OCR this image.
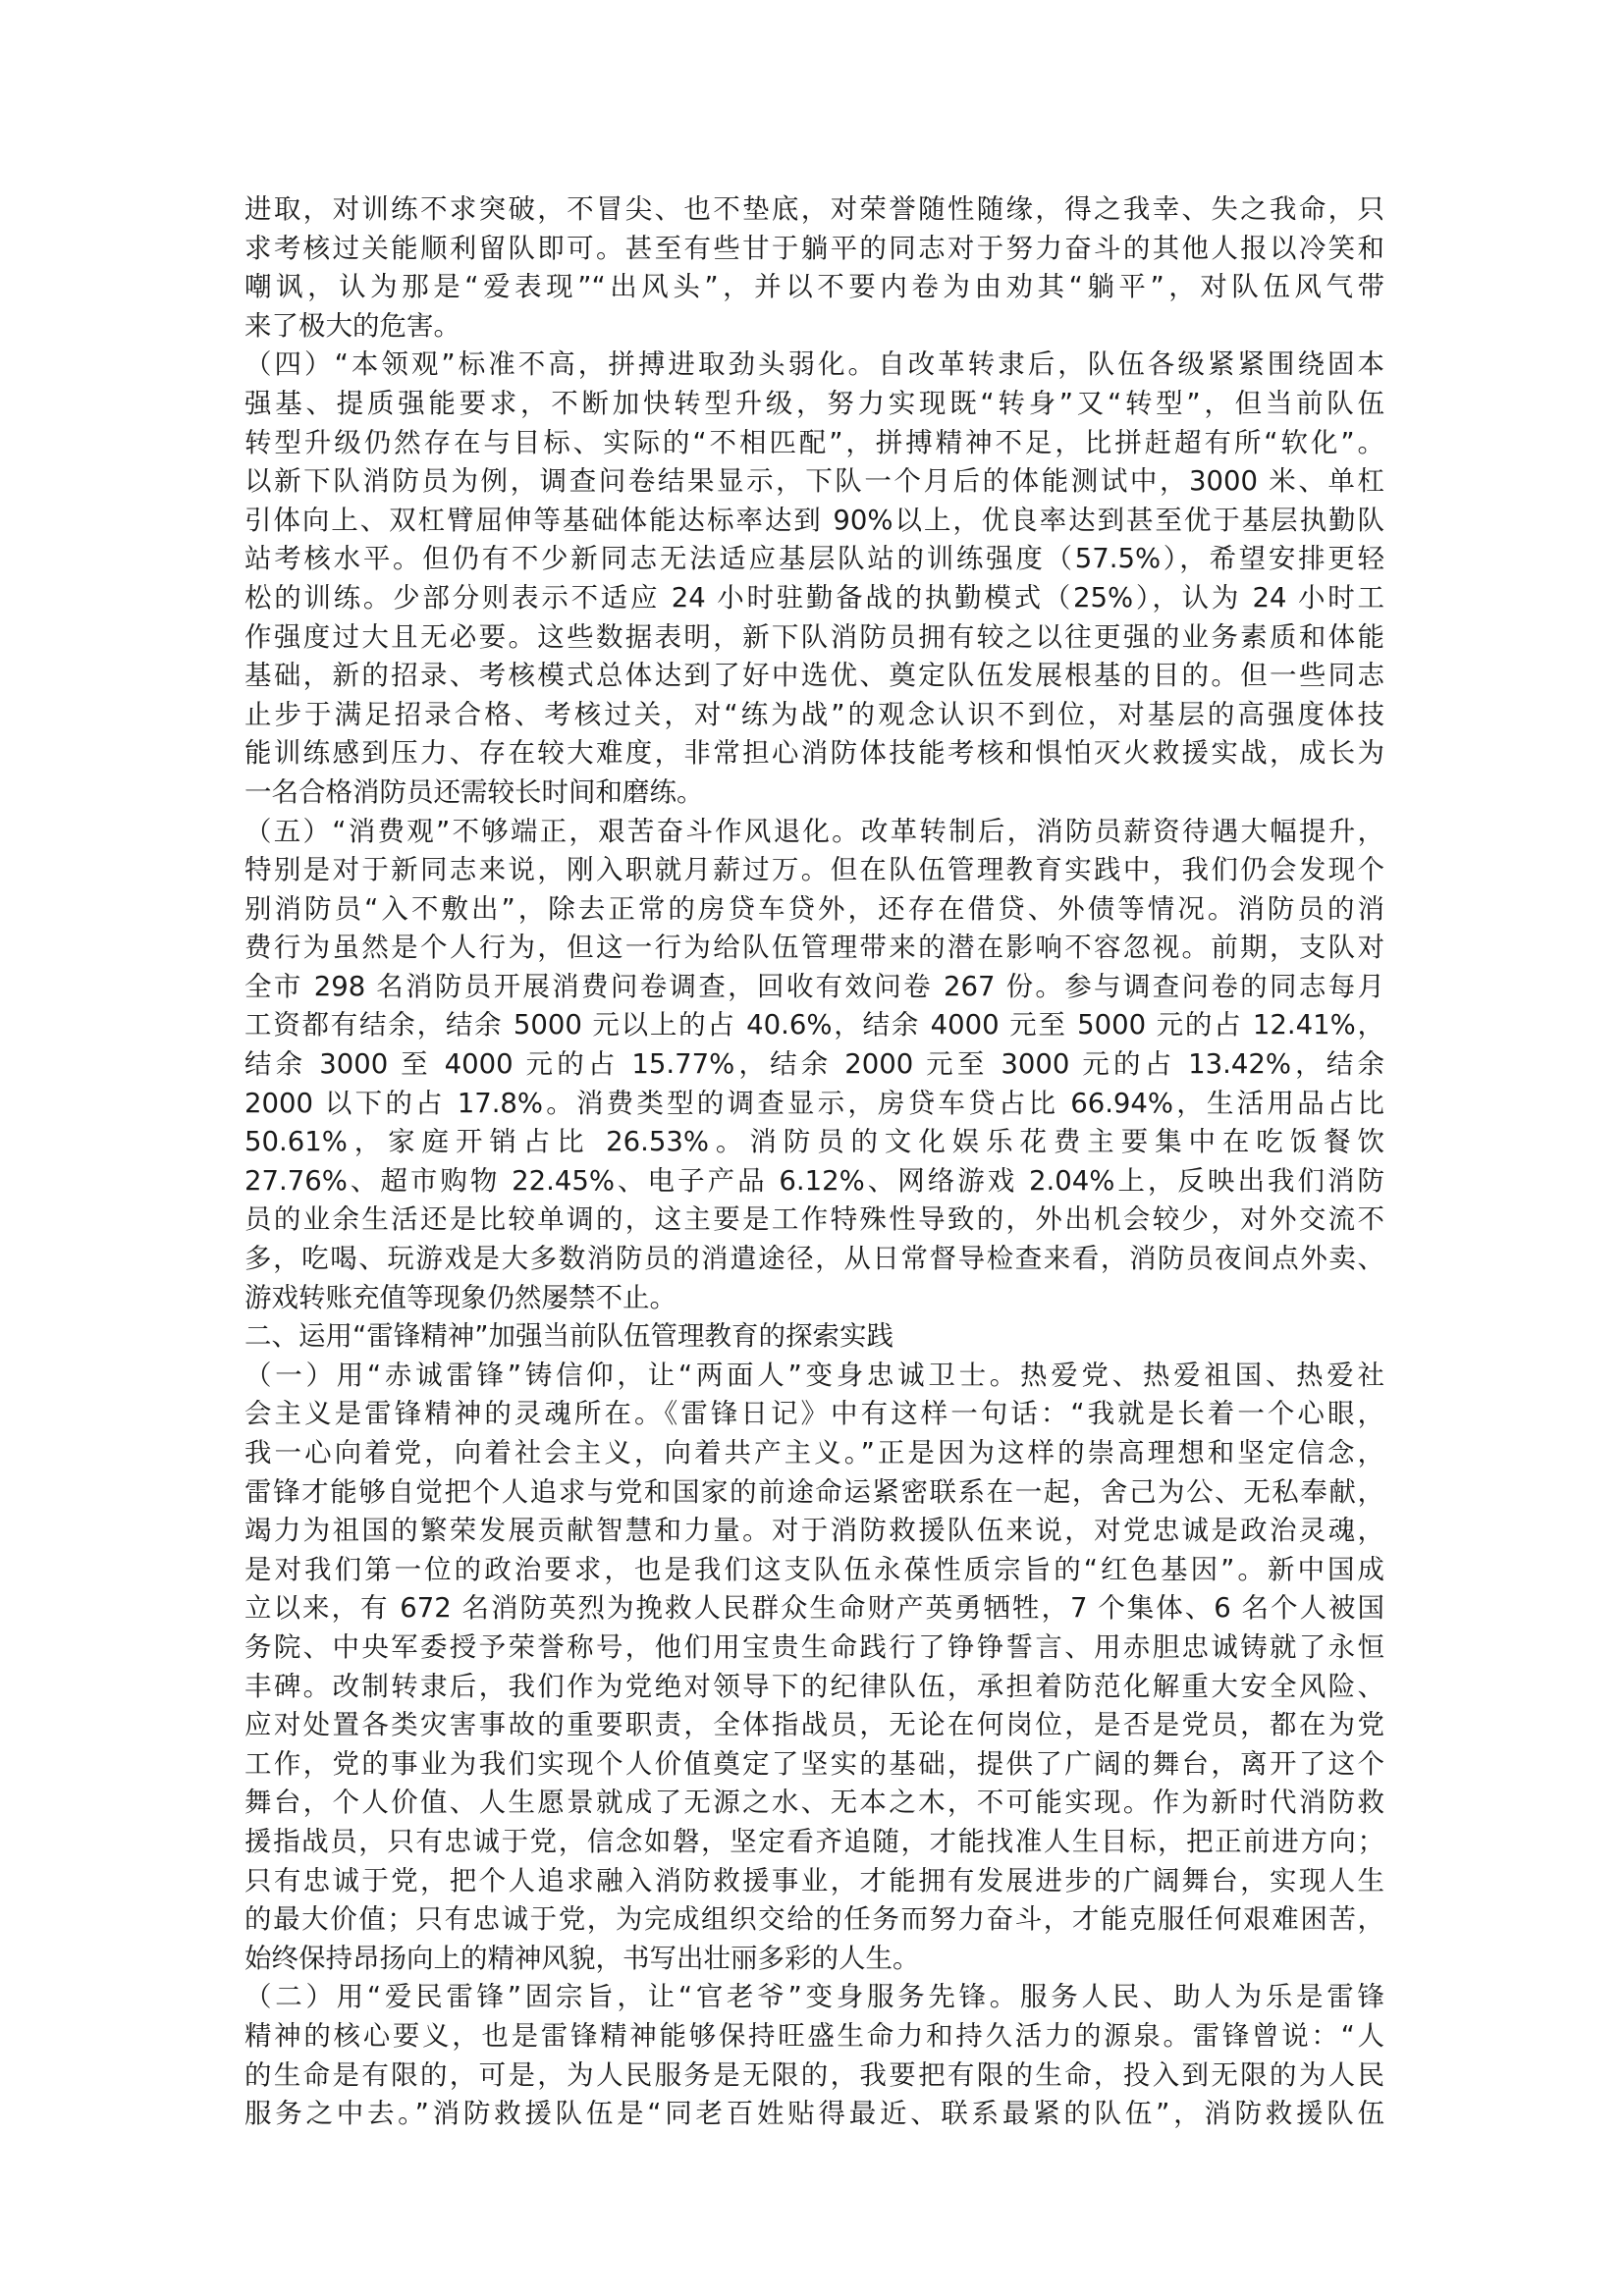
进取，对训练不求突破，不冒尖、也不垫底，对荣誉随性随缘，得之我幸、失之我命，只
求考核过关能顺利留队即可。甚至有些甘于躺平的同志对于努力奋斗的其他人报以冷笑和
嘲讽，认为那是“爱表现”“出风头”，并以不要内卷为由劝其“躺平”，对队伍风气带
来了极大的危害。
（四）“本领观”标准不高，拼搏进取劲头弱化。自改革转隶后，队伍各级紧紧围绕固本
强基、提质强能要求，不断加快转型升级，努力实现既“转身”又“转型”，但当前队伍
转型升级仍然存在与目标、实际的“不相匹配”，拼搏精神不足，比拼赶超有所“软化”。
以新下队消防员为例，调查问卷结果显示，下队一个月后的体能测试中，3000 米、单杠
引体向上、双杠臂屈伸等基础体能达标率达到 90%以上，优良率达到甚至优于基层执勤队
站考核水平。但仍有不少新同志无法适应基层队站的训练强度（57.5%），希望安排更轻
松的训练。少部分则表示不适应 24 小时驻勤备战的执勤模式（25%），认为 24 小时工
作强度过大且无必要。这些数据表明，新下队消防员拥有较之以往更强的业务素质和体能
基础，新的招录、考核模式总体达到了好中选优、奠定队伍发展根基的目的。但一些同志
止步于满足招录合格、考核过关，对“练为战”的观念认识不到位，对基层的高强度体技
能训练感到压力、存在较大难度，非常担心消防体技能考核和惧怕灭火救援实战，成长为
一名合格消防员还需较长时间和磨练。
（五）“消费观”不够端正，艰苦奋斗作风退化。改革转制后，消防员薪资待遇大幅提升，
特别是对于新同志来说，刚入职就月薪过万。但在队伍管理教育实践中，我们仍会发现个
别消防员“入不敷出”，除去正常的房贷车贷外，还存在借贷、外债等情况。消防员的消
费行为虽然是个人行为，但这一行为给队伍管理带来的潜在影响不容忽视。前期，支队对
全市 298 名消防员开展消费问卷调查，回收有效问卷 267 份。参与调查问卷的同志每月
工资都有结余，结余 5000 元以上的占 40.6%，结余 4000 元至 5000 元的占 12.41%，
结余 3000 至 4000 元的占 15.77%，结余 2000 元至 3000 元的占 13.42%，结余
2000 以下的占 17.8%。消费类型的调查显示，房贷车贷占比 66.94%，生活用品占比
50.61%，家庭开销占比 26.53%。消防员的文化娱乐花费主要集中在吃饭餐饮
27.76%、超市购物 22.45%、电子产品 6.12%、网络游戏 2.04%上，反映出我们消防
员的业余生活还是比较单调的，这主要是工作特殊性导致的，外出机会较少，对外交流不
多，吃喝、玩游戏是大多数消防员的消遣途径，从日常督导检查来看，消防员夜间点外卖、
游戏转账充值等现象仍然屡禁不止。
二、运用“雷锋精神”加强当前队伍管理教育的探索实践
（一）用“赤诚雷锋”铸信仰，让“两面人”变身忠诚卫士。热爱党、热爱祖国、热爱社
会主义是雷锋精神的灵魂所在。《雷锋日记》中有这样一句话：“我就是长着一个心眼，
我一心向着党，向着社会主义，向着共产主义。”正是因为这样的崇高理想和坚定信念，
雷锋才能够自觉把个人追求与党和国家的前途命运紧密联系在一起，舍己为公、无私奉献，
竭力为祖国的繁荣发展贡献智慧和力量。对于消防救援队伍来说，对党忠诚是政治灵魂，
是对我们第一位的政治要求，也是我们这支队伍永葆性质宗旨的“红色基因”。新中国成
立以来，有 672 名消防英烈为挽救人民群众生命财产英勇牺牲，7 个集体、6 名个人被国
务院、中央军委授予荣誉称号，他们用宝贵生命践行了铮铮誓言、用赤胆忠诚铸就了永恒
丰碑。改制转隶后，我们作为党绝对领导下的纪律队伍，承担着防范化解重大安全风险、
应对处置各类灾害事故的重要职责，全体指战员，无论在何岗位，是否是党员，都在为党
工作，党的事业为我们实现个人价值奠定了坚实的基础，提供了广阔的舞台，离开了这个
舞台，个人价值、人生愿景就成了无源之水、无本之木，不可能实现。作为新时代消防救
援指战员，只有忠诚于党，信念如磐，坚定看齐追随，才能找准人生目标，把正前进方向；
只有忠诚于党，把个人追求融入消防救援事业，才能拥有发展进步的广阔舞台，实现人生
的最大价值；只有忠诚于党，为完成组织交给的任务而努力奋斗，才能克服任何艰难困苦，
始终保持昂扬向上的精神风貌，书写出壮丽多彩的人生。
（二）用“爱民雷锋”固宗旨，让“官老爷”变身服务先锋。服务人民、助人为乐是雷锋
精神的核心要义，也是雷锋精神能够保持旺盛生命力和持久活力的源泉。雷锋曾说：“人
的生命是有限的，可是，为人民服务是无限的，我要把有限的生命，投入到无限的为人民
服务之中去。”消防救援队伍是“同老百姓贴得最近、联系最紧的队伍”，消防救援队伍
